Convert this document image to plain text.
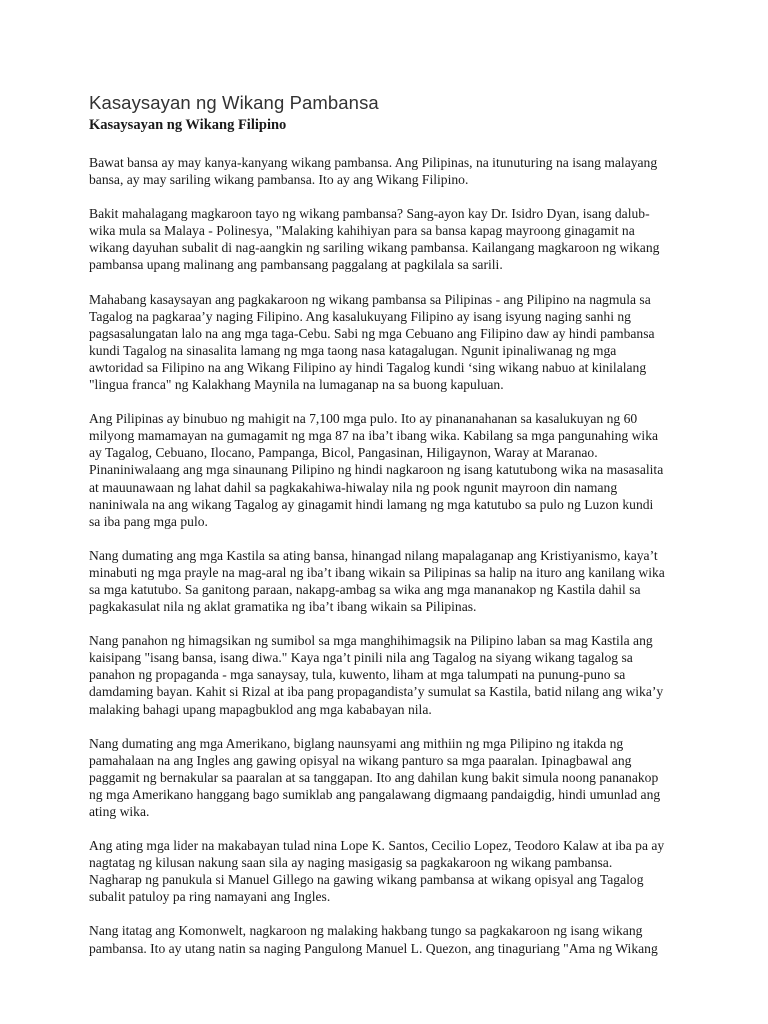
Kasaysayan ng Wikang Pambansa
Kasaysayan ng Wikang Filipino

Bawat bansa ay may kanya-kanyang wikang pambansa. Ang Pilipinas, na itunuturing na isang malayang
bansa, ay may sariling wikang pambansa. Ito ay ang Wikang Filipino.

Bakit mahalagang magkaroon tayo ng wikang pambansa? Sang-ayon kay Dr. Isidro Dyan, isang dalub-
wika mula sa Malaya - Polinesya, "Malaking kahihiyan para sa bansa kapag mayroong ginagamit na
wikang dayuhan subalit di nag-aangkin ng sariling wikang pambansa. Kailangang magkaroon ng wikang
pambansa upang malinang ang pambansang paggalang at pagkilala sa sarili.

Mahabang kasaysayan ang pagkakaroon ng wikang pambansa sa Pilipinas - ang Pilipino na nagmula sa
Tagalog na pagkaraa’y naging Filipino. Ang kasalukuyang Filipino ay isang isyung naging sanhi ng
pagsasalungatan lalo na ang mga taga-Cebu. Sabi ng mga Cebuano ang Filipino daw ay hindi pambansa
kundi Tagalog na sinasalita lamang ng mga taong nasa katagalugan. Ngunit ipinaliwanag ng mga
awtoridad sa Filipino na ang Wikang Filipino ay hindi Tagalog kundi ‘sing wikang nabuo at kinilalang
"lingua franca" ng Kalakhang Maynila na lumaganap na sa buong kapuluan.

Ang Pilipinas ay binubuo ng mahigit na 7,100 mga pulo. Ito ay pinananahanan sa kasalukuyan ng 60
milyong mamamayan na gumagamit ng mga 87 na iba’t ibang wika. Kabilang sa mga pangunahing wika
ay Tagalog, Cebuano, Ilocano, Pampanga, Bicol, Pangasinan, Hiligaynon, Waray at Maranao.
Pinaniniwalaang ang mga sinaunang Pilipino ng hindi nagkaroon ng isang katutubong wika na masasalita
at mauunawaan ng lahat dahil sa pagkakahiwa-hiwalay nila ng pook ngunit mayroon din namang
naniniwala na ang wikang Tagalog ay ginagamit hindi lamang ng mga katutubo sa pulo ng Luzon kundi
sa iba pang mga pulo.

Nang dumating ang mga Kastila sa ating bansa, hinangad nilang mapalaganap ang Kristiyanismo, kaya’t
minabuti ng mga prayle na mag-aral ng iba’t ibang wikain sa Pilipinas sa halip na ituro ang kanilang wika
sa mga katutubo. Sa ganitong paraan, nakapg-ambag sa wika ang mga mananakop ng Kastila dahil sa
pagkakasulat nila ng aklat gramatika ng iba’t ibang wikain sa Pilipinas.

Nang panahon ng himagsikan ng sumibol sa mga manghihimagsik na Pilipino laban sa mag Kastila ang
kaisipang "isang bansa, isang diwa." Kaya nga’t pinili nila ang Tagalog na siyang wikang tagalog sa
panahon ng propaganda - mga sanaysay, tula, kuwento, liham at mga talumpati na punung-puno sa
damdaming bayan. Kahit si Rizal at iba pang propagandista’y sumulat sa Kastila, batid nilang ang wika’y
malaking bahagi upang mapagbuklod ang mga kababayan nila.

Nang dumating ang mga Amerikano, biglang naunsyami ang mithiin ng mga Pilipino ng itakda ng
pamahalaan na ang Ingles ang gawing opisyal na wikang panturo sa mga paaralan. Ipinagbawal ang
paggamit ng bernakular sa paaralan at sa tanggapan. Ito ang dahilan kung bakit simula noong pananakop
ng mga Amerikano hanggang bago sumiklab ang pangalawang digmaang pandaigdig, hindi umunlad ang
ating wika.

Ang ating mga lider na makabayan tulad nina Lope K. Santos, Cecilio Lopez, Teodoro Kalaw at iba pa ay
nagtatag ng kilusan nakung saan sila ay naging masigasig sa pagkakaroon ng wikang pambansa.
Nagharap ng panukula si Manuel Gillego na gawing wikang pambansa at wikang opisyal ang Tagalog
subalit patuloy pa ring namayani ang Ingles.

Nang itatag ang Komonwelt, nagkaroon ng malaking hakbang tungo sa pagkakaroon ng isang wikang
pambansa. Ito ay utang natin sa naging Pangulong Manuel L. Quezon, ang tinaguriang "Ama ng Wikang
